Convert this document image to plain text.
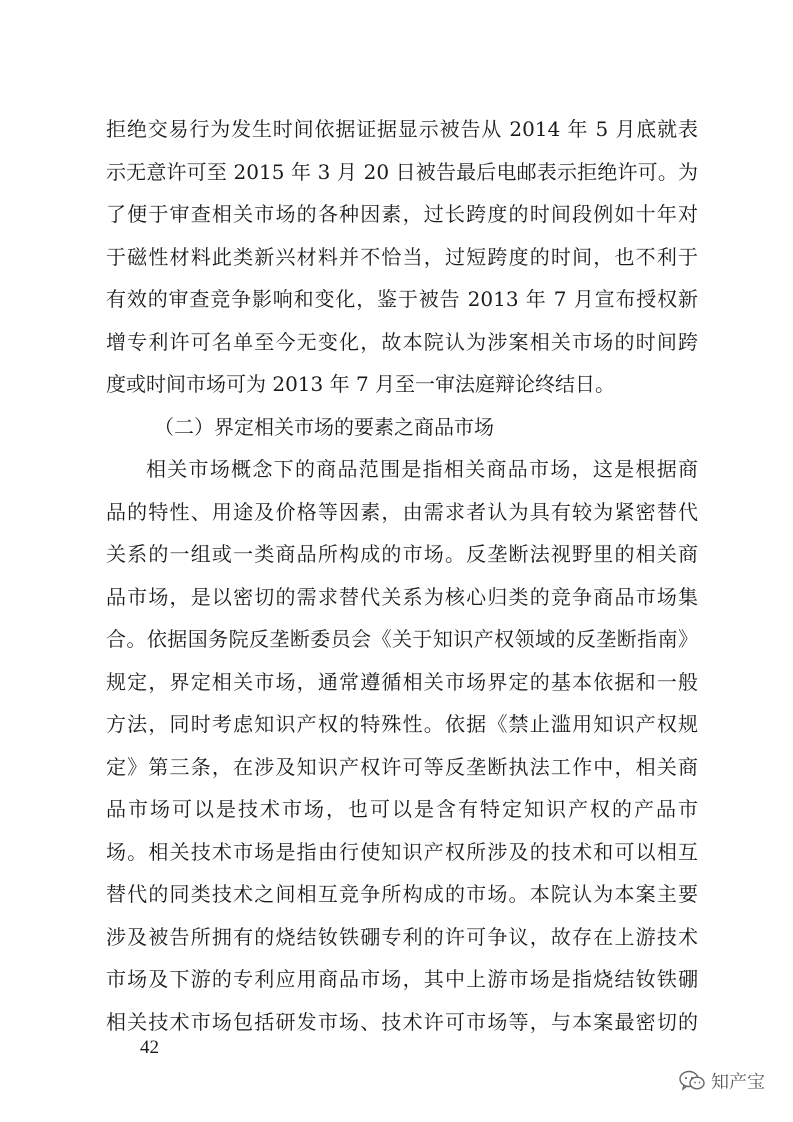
拒绝交易行为发生时间依据证据显示被告从 2014 年 5 月底就表
示无意许可至 2015 年 3 月 20 日被告最后电邮表示拒绝许可。为
了便于审查相关市场的各种因素，过长跨度的时间段例如十年对
于磁性材料此类新兴材料并不恰当，过短跨度的时间，也不利于
有效的审查竞争影响和变化，鉴于被告 2013 年 7 月宣布授权新
增专利许可名单至今无变化，故本院认为涉案相关市场的时间跨
度或时间市场可为 2013 年 7 月至一审法庭辩论终结日。
（二）界定相关市场的要素之商品市场
相关市场概念下的商品范围是指相关商品市场，这是根据商
品的特性、用途及价格等因素，由需求者认为具有较为紧密替代
关系的一组或一类商品所构成的市场。反垄断法视野里的相关商
品市场，是以密切的需求替代关系为核心归类的竞争商品市场集
合。依据国务院反垄断委员会《关于知识产权领域的反垄断指南》
规定，界定相关市场，通常遵循相关市场界定的基本依据和一般
方法，同时考虑知识产权的特殊性。依据《禁止滥用知识产权规
定》第三条，在涉及知识产权许可等反垄断执法工作中，相关商
品市场可以是技术市场，也可以是含有特定知识产权的产品市
场。相关技术市场是指由行使知识产权所涉及的技术和可以相互
替代的同类技术之间相互竞争所构成的市场。本院认为本案主要
涉及被告所拥有的烧结钕铁硼专利的许可争议，故存在上游技术
市场及下游的专利应用商品市场，其中上游市场是指烧结钕铁硼
相关技术市场包括研发市场、技术许可市场等，与本案最密切的
42
知产宝
